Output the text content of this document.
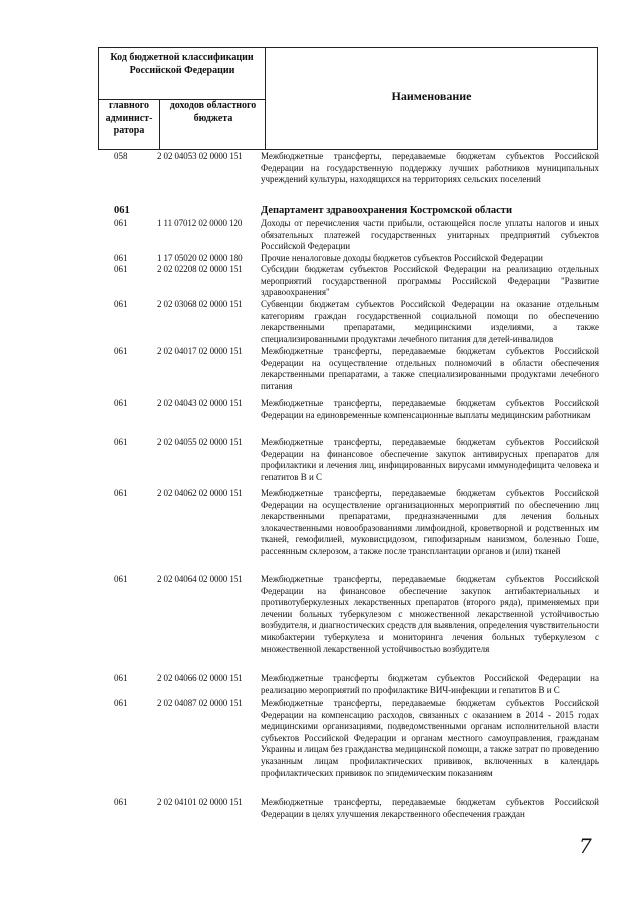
Код бюджетной классификации Российской Федерации
главного админист- ратора
доходов областного бюджета
Наименование
058	2 02 04053 02 0000 151	Межбюджетные трансферты, передаваемые бюджетам субъектов Российской Федерации на государственную поддержку лучших работников муниципальных учреждений культуры, находящихся на территориях сельских поселений
061	Департамент здравоохранения Костромской области
061	1 11 07012 02 0000 120	Доходы от перечисления части прибыли, остающейся после уплаты налогов и иных обязательных платежей государственных унитарных предприятий субъектов Российской Федерации
061	1 17 05020 02 0000 180	Прочие неналоговые доходы бюджетов субъектов Российской Федерации
061	2 02 02208 02 0000 151	Субсидии бюджетам субъектов Российской Федерации на реализацию отдельных мероприятий государственной программы Российской Федерации "Развитие здравоохранения"
061	2 02 03068 02 0000 151	Субвенции бюджетам субъектов Российской Федерации на оказание отдельным категориям граждан государственной социальной помощи по обеспечению лекарственными препаратами, медицинскими изделиями, а также специализированными продуктами лечебного питания для детей-инвалидов
061	2 02 04017 02 0000 151	Межбюджетные трансферты, передаваемые бюджетам субъектов Российской Федерации на осуществление отдельных полномочий в области обеспечения лекарственными препаратами, а также специализированными продуктами лечебного питания
061	2 02 04043 02 0000 151	Межбюджетные трансферты, передаваемые бюджетам субъектов Российской Федерации на единовременные компенсационные выплаты медицинским работникам
061	2 02 04055 02 0000 151	Межбюджетные трансферты, передаваемые бюджетам субъектов Российской Федерации на финансовое обеспечение закупок антивирусных препаратов для профилактики и лечения лиц, инфицированных вирусами иммунодефицита человека и гепатитов В и С
061	2 02 04062 02 0000 151	Межбюджетные трансферты, передаваемые бюджетам субъектов Российской Федерации на осуществление организационных мероприятий по обеспечению лиц лекарственными препаратами, предназначенными для лечения больных злокачественными новообразованиями лимфоидной, кроветворной и родственных им тканей, гемофилией, муковисцидозом, гипофизарным нанизмом, болезнью Гоше, рассеянным склерозом, а также после трансплантации органов и (или) тканей
061	2 02 04064 02 0000 151	Межбюджетные трансферты, передаваемые бюджетам субъектов Российской Федерации на финансовое обеспечение закупок антибактериальных и противотуберкулезных лекарственных препаратов (второго ряда), применяемых при лечении больных туберкулезом с множественной лекарственной устойчивостью возбудителя, и диагностических средств для выявления, определения чувствительности микобактерии туберкулеза и мониторинга лечения больных туберкулезом с множественной лекарственной устойчивостью возбудителя
061	2 02 04066 02 0000 151	Межбюджетные трансферты бюджетам субъектов Российской Федерации на реализацию мероприятий по профилактике ВИЧ-инфекции и гепатитов В и С
061	2 02 04087 02 0000 151	Межбюджетные трансферты, передаваемые бюджетам субъектов Российской Федерации на компенсацию расходов, связанных с оказанием в 2014 - 2015 годах медицинскими организациями, подведомственными органам исполнительной власти субъектов Российской Федерации и органам местного самоуправления, гражданам Украины и лицам без гражданства медицинской помощи, а также затрат по проведению указанным лицам профилактических прививок, включенных в календарь профилактических прививок по эпидемическим показаниям
061	2 02 04101 02 0000 151	Межбюджетные трансферты, передаваемые бюджетам субъектов Российской Федерации в целях улучшения лекарственного обеспечения граждан
7
